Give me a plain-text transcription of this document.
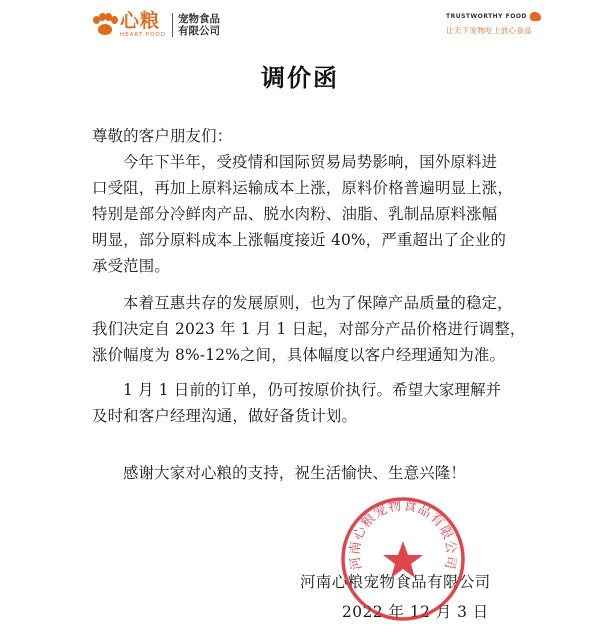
心粮
HEART FOOD
宠物食品
有限公司
TRUSTWORTHY FOOD
让天下宠物吃上放心食品
调价函
尊敬的客户朋友们：
今年下半年，受疫情和国际贸易局势影响，国外原料进
口受阻，再加上原料运输成本上涨，原料价格普遍明显上涨，
特别是部分冷鲜肉产品、脱水肉粉、油脂、乳制品原料涨幅
明显，部分原料成本上涨幅度接近 40%，严重超出了企业的
承受范围。
本着互惠共存的发展原则，也为了保障产品质量的稳定，
我们决定自 2023 年 1 月 1 日起，对部分产品价格进行调整，
涨价幅度为 8%-12%之间，具体幅度以客户经理通知为准。
1 月 1 日前的订单，仍可按原价执行。希望大家理解并
及时和客户经理沟通，做好备货计划。
感谢大家对心粮的支持，祝生活愉快、生意兴隆！
河南心粮宠物食品有限公司
2022 年 12 月 3 日
河南心粮宠物食品有限公司
